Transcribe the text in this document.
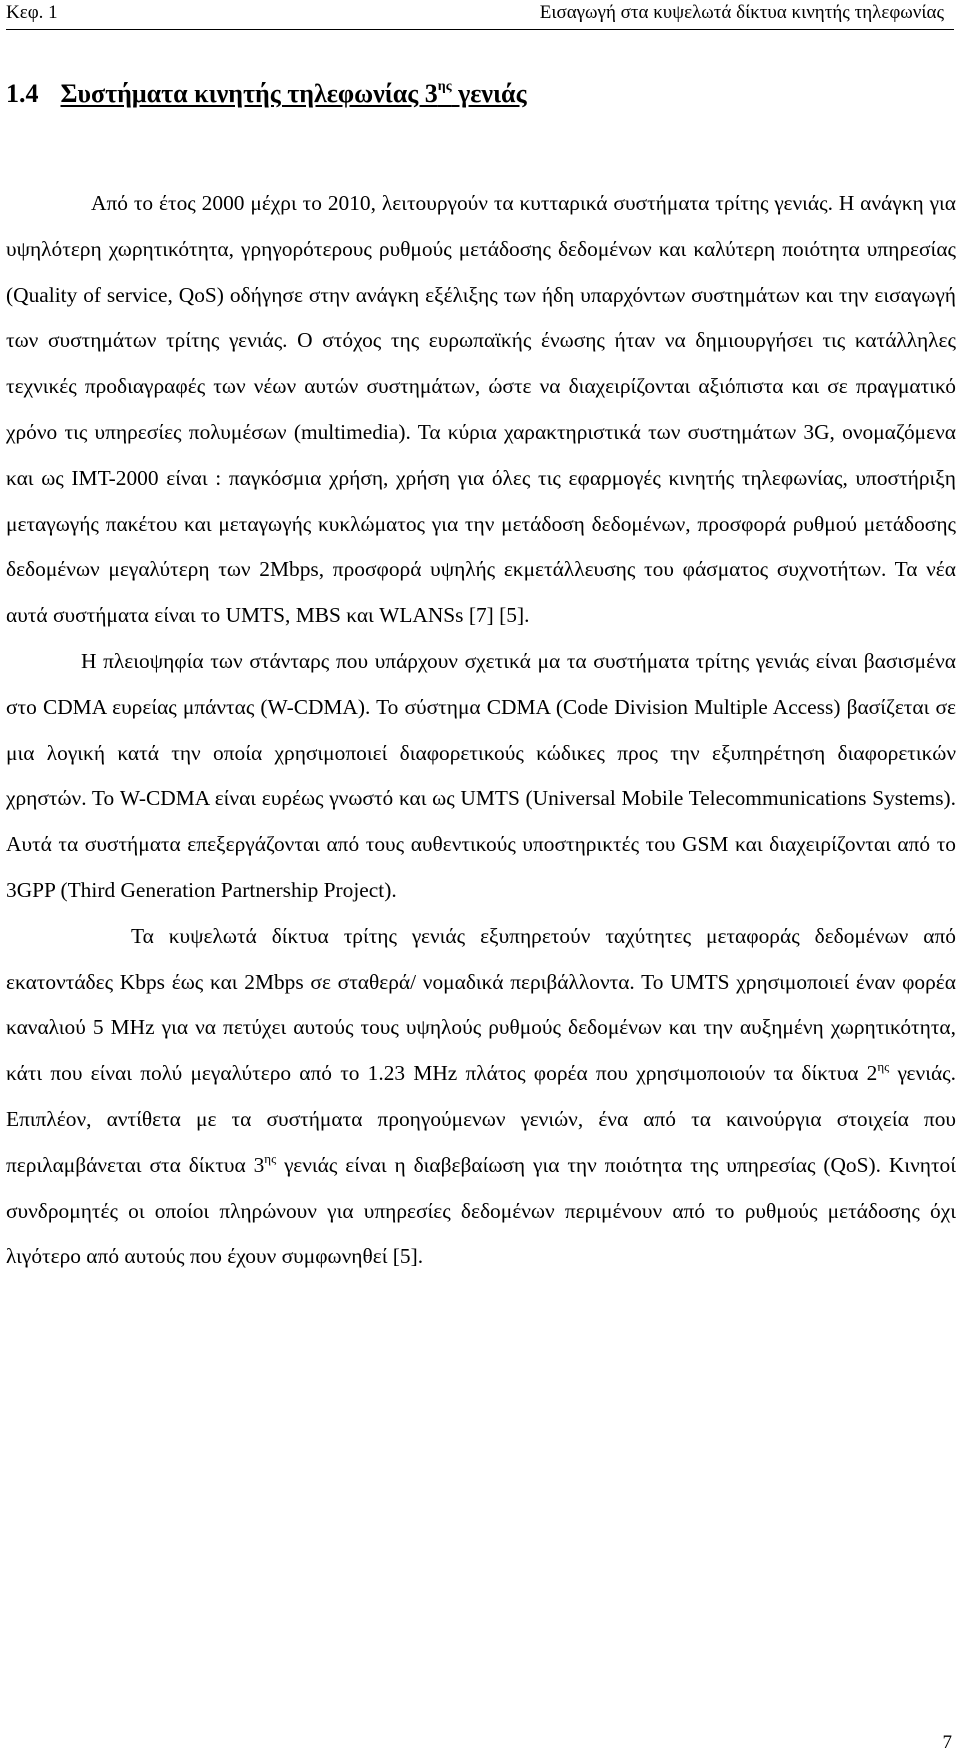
Κεφ. 1	Εισαγωγή στα κυψελωτά δίκτυα κινητής τηλεφωνίας
1.4 Συστήματα κινητής τηλεφωνίας $3^{\eta\varsigma}$ γενιάς

Από το έτος 2000 μέχρι το 2010, λειτουργούν τα κυτταρικά συστήματα τρίτης γενιάς. Η ανάγκη για υψηλότερη χωρητικότητα, γρηγορότερους ρυθμούς μετάδοσης δεδομένων και καλύτερη ποιότητα υπηρεσίας (Quality of service, QoS) οδήγησε στην ανάγκη εξέλιξης των ήδη υπαρχόντων συστημάτων και την εισαγωγή των συστημάτων τρίτης γενιάς. Ο στόχος της ευρωπαϊκής ένωσης ήταν να δημιουργήσει τις κατάλληλες τεχνικές προδιαγραφές των νέων αυτών συστημάτων, ώστε να διαχειρίζονται αξιόπιστα και σε πραγματικό χρόνο τις υπηρεσίες πολυμέσων (multimedia). Τα κύρια χαρακτηριστικά των συστημάτων 3G, ονομαζόμενα και ως IMT-2000 είναι : παγκόσμια χρήση, χρήση για όλες τις εφαρμογές κινητής τηλεφωνίας, υποστήριξη μεταγωγής πακέτου και μεταγωγής κυκλώματος για την μετάδοση δεδομένων, προσφορά ρυθμού μετάδοσης δεδομένων μεγαλύτερη των 2Mbps, προσφορά υψηλής εκμετάλλευσης του φάσματος συχνοτήτων. Τα νέα αυτά συστήματα είναι το UMTS, MBS και WLANSs [7] [5].

Η πλειοψηφία των στάνταρς που υπάρχουν σχετικά μα τα συστήματα τρίτης γενιάς είναι βασισμένα στο CDMA ευρείας μπάντας (W-CDMA). Το σύστημα CDMA (Code Division Multiple Access) βασίζεται σε μια λογική κατά την οποία χρησιμοποιεί διαφορετικούς κώδικες προς την εξυπηρέτηση διαφορετικών χρηστών. Το W-CDMA είναι ευρέως γνωστό και ως UMTS (Universal Mobile Telecommunications Systems). Αυτά τα συστήματα επεξεργάζονται από τους αυθεντικούς υποστηρικτές του GSM και διαχειρίζονται από το 3GPP (Third Generation Partnership Project).

Τα κυψελωτά δίκτυα τρίτης γενιάς εξυπηρετούν ταχύτητες μεταφοράς δεδομένων από εκατοντάδες Kbps έως και 2Mbps σε σταθερά/ νομαδικά περιβάλλοντα. Το UMTS χρησιμοποιεί έναν φορέα καναλιού 5 MHz για να πετύχει αυτούς τους υψηλούς ρυθμούς δεδομένων και την αυξημένη χωρητικότητα, κάτι που είναι πολύ μεγαλύτερο από το 1.23 MHz πλάτος φορέα που χρησιμοποιούν τα δίκτυα $2^{\eta\varsigma}$ γενιάς. Επιπλέον, αντίθετα με τα συστήματα προηγούμενων γενιών, ένα από τα καινούργια στοιχεία που περιλαμβάνεται στα δίκτυα $3^{\eta\varsigma}$ γενιάς είναι η διαβεβαίωση για την ποιότητα της υπηρεσίας (QoS). Κινητοί συνδρομητές οι οποίοι πληρώνουν για υπηρεσίες δεδομένων περιμένουν από το ρυθμούς μετάδοσης όχι λιγότερο από αυτούς που έχουν συμφωνηθεί [5].

7
